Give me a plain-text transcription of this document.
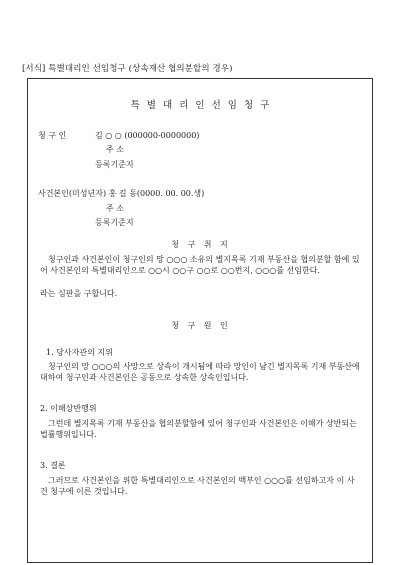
[서식] 특별대리인 선임청구 (상속재산 협의분할의 경우)
특 별 대 리 인 선 임 청 구
청 구 인	김 ○ ○ (000000-0000000)
주 소
등록기준지
사건본인(미성년자) 홍 길 동(0000. 00. 00.생)
주 소
등록기준지
청 구 취 지
청구인과 사건본인이 청구인의 망 ○○○ 소유의 별지목록 기재 부동산을 협의분할 함에 있어 사건본인의 특별대리인으로 ○○시 ○○구 ○○로 ○○번지, ○○○를 선임한다.
라는 심판을 구합니다.
청 구 원 인
1. 당사자관의 지위
청구인의 망 ○○○의 사망으로 상속이 개시됨에 따라 망인이 남긴 별지목록 기재 부동산에 대하여 청구인과 사건본인은 공동으로 상속한 상속인입니다.
2. 이해상반행위
그런데 별지목록 기재 부동산을 협의분할함에 있어 청구인과 사건본인은 이해가 상반되는 법률행위입니다.
3. 결론
그러므로 사건본인을 위한 특별대리인으로 사건본인의 백부인 ○○○를 선임하고자 이 사건 청구에 이른 것입니다.
